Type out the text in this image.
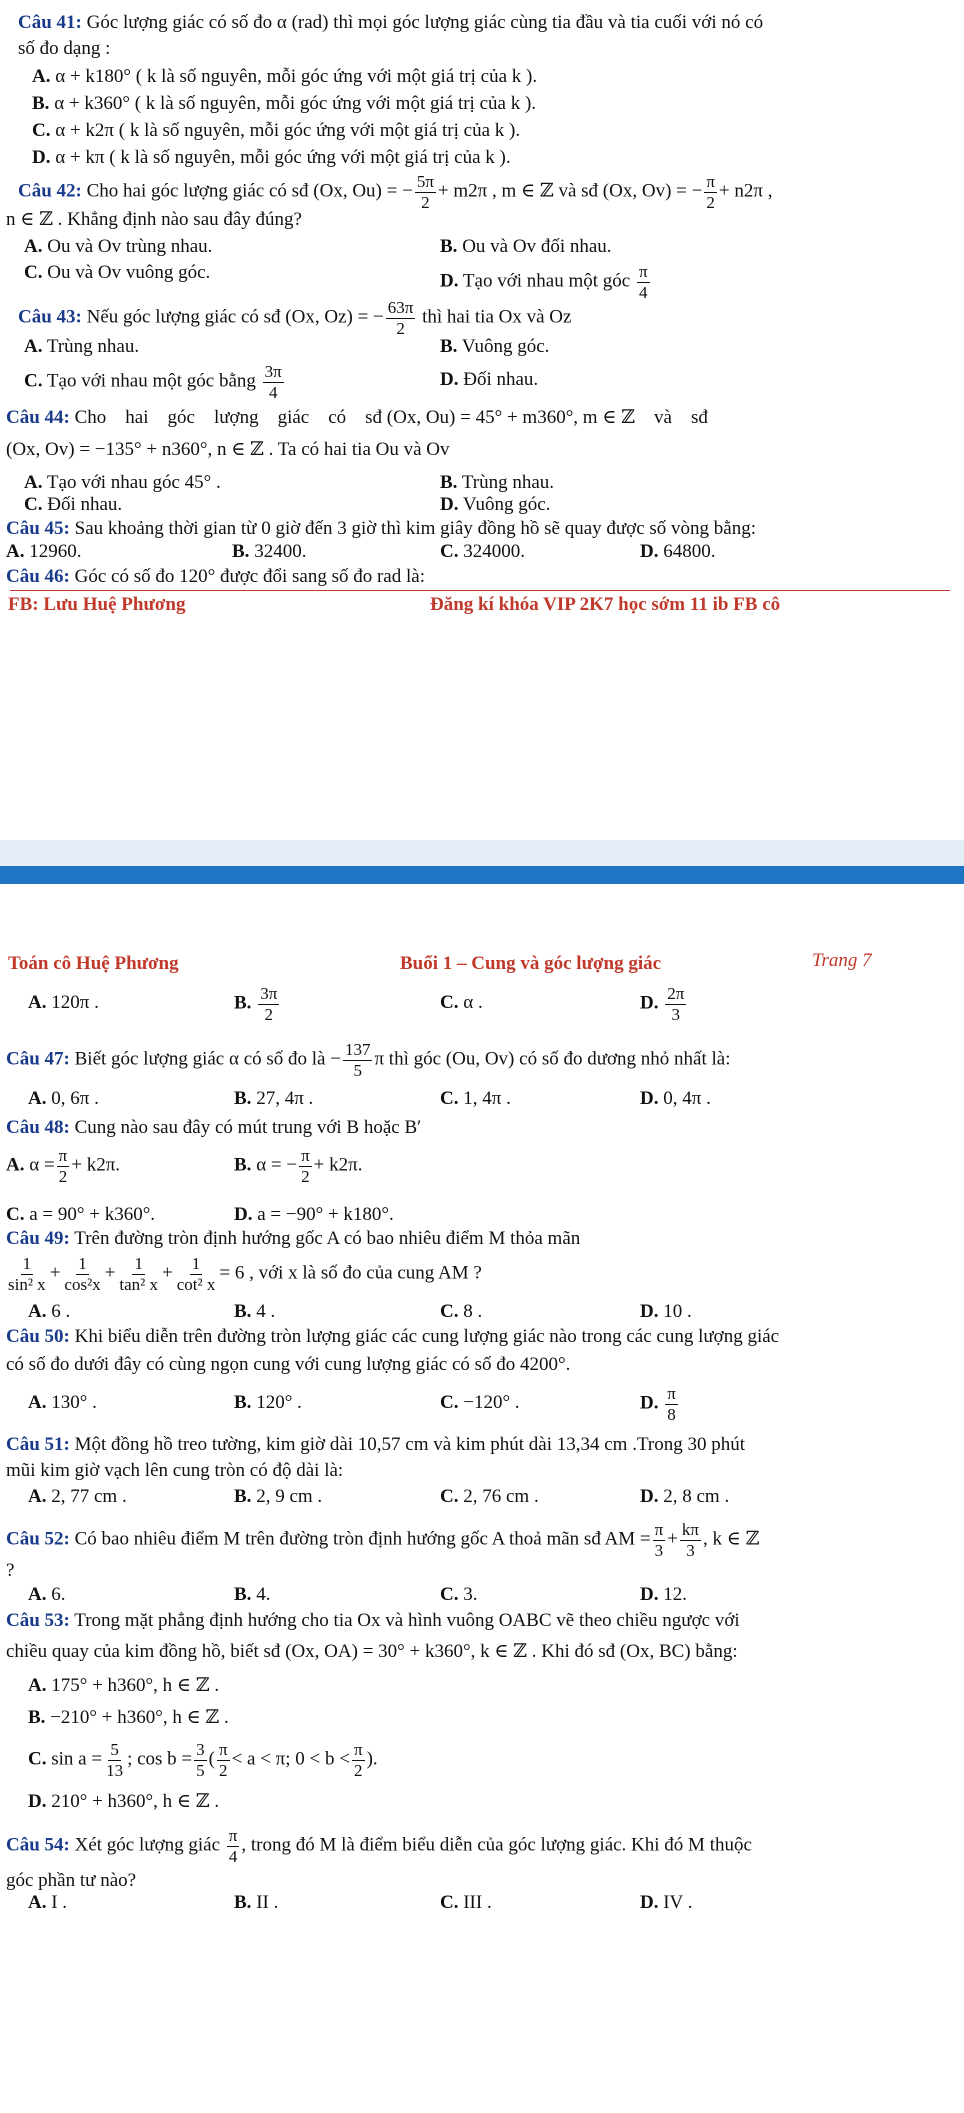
Câu 41: Góc lượng giác có số đo α (rad) thì mọi góc lượng giác cùng tia đầu và tia cuối với nó có
số đo dạng :
A. α + k180° ( k là số nguyên, mỗi góc ứng với một giá trị của k ).
B. α + k360° ( k là số nguyên, mỗi góc ứng với một giá trị của k ).
C. α + k2π ( k là số nguyên, mỗi góc ứng với một giá trị của k ).
D. α + kπ ( k là số nguyên, mỗi góc ứng với một giá trị của k ).
Câu 42: Cho hai góc lượng giác có sđ (Ox, Ou) = − $\frac{5\pi}{2} + m2\pi$ , m ∈ ℤ và sđ (Ox, Ov) = − $\frac{\pi}{2} + n2\pi$ ,
n ∈ ℤ . Khẳng định nào sau đây đúng?
A. Ou và Ov trùng nhau.	B. Ou và Ov đối nhau.
C. Ou và Ov vuông góc.	D. Tạo với nhau một góc $\frac{\pi}{4}$
Câu 43: Nếu góc lượng giác có sđ (Ox, Oz) = − $\frac{63\pi}{2}$ thì hai tia Ox và Oz
A. Trùng nhau.	B. Vuông góc.
C. Tạo với nhau một góc bằng $\frac{3\pi}{4}$	D. Đối nhau.
Câu 44: Cho    hai    góc    lượng    giác    có    sđ (Ox, Ou) = 45° + m360°, m ∈ ℤ    và    sđ
(Ox, Ov) = −135° + n360°, n ∈ ℤ . Ta có hai tia Ou và Ov
A. Tạo với nhau góc 45° .	B. Trùng nhau.
C. Đối nhau.	D. Vuông góc.
Câu 45: Sau khoảng thời gian từ 0 giờ đến 3 giờ thì kim giây đồng hồ sẽ quay được số vòng bằng:
A. 12960.	B. 32400.	C. 324000.	D. 64800.
Câu 46: Góc có số đo 120° được đổi sang số đo rad là:
FB: Lưu Huệ Phương	Đăng kí khóa VIP 2K7 học sớm 11 ib FB cô
Toán cô Huệ Phương	Buổi 1 – Cung và góc lượng giác	Trang 7
A. 120π .	B. $\frac{3\pi}{2}$	C. α .	D. $\frac{2\pi}{3}$
Câu 47: Biết góc lượng giác α có số đo là − $\frac{137}{5}$ π thì góc (Ou, Ov) có số đo dương nhỏ nhất là:
A. 0, 6π .	B. 27, 4π .	C. 1, 4π .	D. 0, 4π .
Câu 48: Cung nào sau đây có mút trung với B hoặc B′
A. $\alpha = \frac{\pi}{2} + k2\pi$.	B. α = − $\frac{\pi}{2} + k2\pi$.
C. a = 90° + k360°.	D. a = −90° + k180°.
Câu 49: Trên đường tròn định hướng gốc A có bao nhiêu điểm M thỏa mãn
$\frac{1}{\text{sin² x}} + \frac{1}{\text{cos²x}} + \frac{1}{\text{tan² x}} + \frac{1}{\text{cot² x}} = 6$ , với x là số đo của cung AM ?
A. 6 .	B. 4 .	C. 8 .	D. 10 .
Câu 50: Khi biểu diễn trên đường tròn lượng giác các cung lượng giác nào trong các cung lượng giác
có số đo dưới đây có cùng ngọn cung với cung lượng giác có số đo 4200°.
A. 130° .	B. 120° .	C. −120° .	D. $\frac{\pi}{8}$
Câu 51: Một đồng hồ treo tường, kim giờ dài 10,57 cm và kim phút dài 13,34 cm .Trong 30 phút
mũi kim giờ vạch lên cung tròn có độ dài là:
A. 2, 77 cm .	B. 2, 9 cm .	C. 2, 76 cm .	D. 2, 8 cm .
Câu 52: Có bao nhiêu điểm M trên đường tròn định hướng gốc A thoả mãn sđ AM = $\frac{\pi}{3} + \frac{k\pi}{3}$ , k ∈ ℤ
?
A. 6.	B. 4.	C. 3.	D. 12.
Câu 53: Trong mặt phẳng định hướng cho tia Ox và hình vuông OABC vẽ theo chiều ngược với
chiều quay của kim đồng hồ, biết sđ (Ox, OA) = 30° + k360°, k ∈ ℤ . Khi đó sđ (Ox, BC) bằng:
A. 175° + h360°, h ∈ ℤ .
B. −210° + h360°, h ∈ ℤ .
C. $\sin a = \frac{5}{13}$ ; $\cos b = \frac{3}{5}$ ( $\frac{\pi}{2} < a < \pi$; $0 < b < \frac{\pi}{2}$ ).
D. 210° + h360°, h ∈ ℤ .
Câu 54: Xét góc lượng giác $\frac{\pi}{4}$ , trong đó M là điểm biểu diễn của góc lượng giác. Khi đó M thuộc
góc phần tư nào?
A. I .	B. II .	C. III .	D. IV .
